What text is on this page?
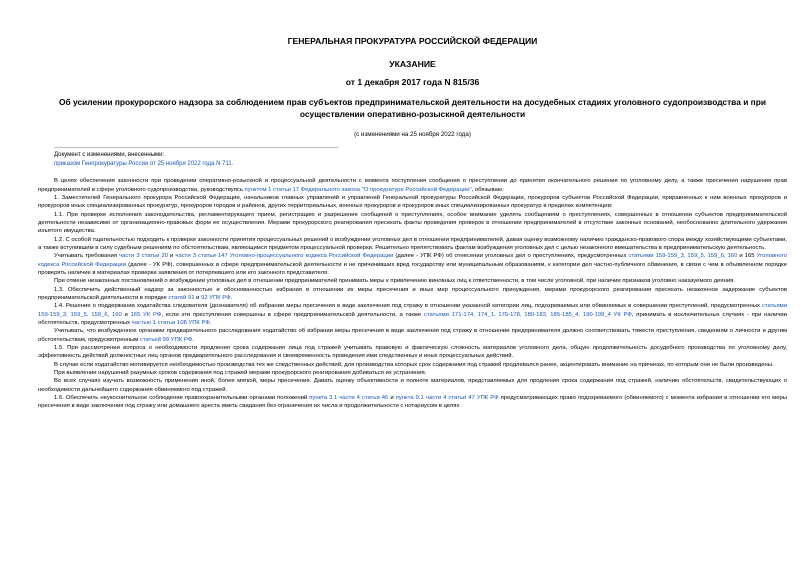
ГЕНЕРАЛЬНАЯ ПРОКУРАТУРА РОССИЙСКОЙ ФЕДЕРАЦИИ
УКАЗАНИЕ
от 1 декабря 2017 года N 815/36
Об усилении прокурорского надзора за соблюдением прав субъектов предпринимательской деятельности на досудебных стадиях уголовного судопроизводства и при осуществлении оперативно-розыскной деятельности
(с изменениями на 25 ноября 2022 года)
Документ с изменениями, внесенными:
приказом Генпрокуратуры России от 25 ноября 2022 года N 711.

В целях обеспечения законности при проведении оперативно-розыскной и процессуальной деятельности с момента поступления сообщения о преступлении до принятия окончательного решения по уголовному делу, а также пресечения нарушения прав предпринимателей в сфере уголовного судопроизводства, руководствуясь пунктом 1 статьи 17 Федерального закона "О прокуратуре Российской Федерации", обязываю:

1. Заместителей Генерального прокурора Российской Федерации, начальников главных управлений и управлений Генеральной прокуратуры Российской Федерации, прокуроров субъектов Российской Федерации, приравненных к ним военных прокуроров и прокуроров иных специализированных прокуратур, прокуроров городов и районов, других территориальных, военных прокуроров и прокуроров иных специализированных прокуратур в пределах компетенции:

1.1. При проверке исполнения законодательства, регламентирующего прием, регистрацию и разрешение сообщений о преступлениях, особое внимание уделять сообщениям о преступлениях, совершенных в отношении субъектов предпринимательской деятельности независимо от организационно-правовых форм ее осуществления. Мерами прокурорского реагирования пресекать факты проведения проверок в отношении предпринимателей в отсутствие законных оснований, необоснованно длительного удержания изъятого имущества.

1.2. С особой тщательностью подходить к проверке законности принятия процессуальных решений о возбуждении уголовных дел в отношении предпринимателей, давая оценку возможному наличию гражданско-правового спора между хозяйствующими субъектами, а также вступившим в силу судебным решениям по обстоятельствам, являющимся предметом процессуальной проверки. Решительно препятствовать фактам возбуждения уголовных дел с целью незаконного вмешательства в предпринимательскую деятельность.

Учитывать требования части 3 статьи 20 и части 3 статьи 147 Уголовно-процессуального кодекса Российской Федерации (далее - УПК РФ) об отнесении уголовных дел о преступлениях, предусмотренных статьями 159-159_3, 159_5, 159_6, 160 и 165 Уголовного кодекса Российской Федерации (далее - УК РФ), совершенных в сфере предпринимательской деятельности и не причинивших вред государству или муниципальным образованиям, к категории дел частно-публичного обвинения, в связи с чем в объявленном порядке проверять наличие в материалах проверки заявления от потерпевшего или его законного представителя.

При отмене незаконных постановлений о возбуждении уголовных дел в отношении предпринимателей принимать меры к привлечению виновных лиц к ответственности, в том числе уголовной, при наличии признаков уголовно наказуемого деяния.

1.3. Обеспечить действенный надзор за законностью и обоснованностью избрания в отношении их меры пресечения и иных мер процессуального принуждения, мерами прокурорского реагирования пресекать незаконное задержание субъектов предпринимательской деятельности в порядке статей 91 и 92 УПК РФ.

1.4. Решение о поддержании ходатайства следователя (дознавателя) об избрании меры пресечения в виде заключения под стражу в отношении указанной категории лиц, подозреваемых или обвиняемых в совершении преступлений, предусмотренных статьями 159-159_3, 159_5, 159_6, 160 и 165 УК РФ, если эти преступления совершены в сфере предпринимательской деятельности, а также статьями 171-174, 174_1, 176-178, 180-183, 185-185_4, 190-199_4 УК РФ, принимать в исключительных случаях - при наличии обстоятельств, предусмотренных частью 1 статьи 108 УПК РФ.

Учитывать, что возбужденное органами предварительного расследования ходатайство об избрании меры пресечения в виде заключения под стражу в отношении предпринимателя должно соответствовать тяжести преступления, сведениям о личности и другим обстоятельствам, предусмотренным статьей 99 УПК РФ.

1.5. При рассмотрении вопроса о необходимости продления срока содержания лица под стражей учитывать правовую и фактическую сложность материалов уголовного дела, общую продолжительность досудебного производства по уголовному делу, эффективность действий должностных лиц органов предварительного расследования и своевременность проведения ими следственных и иных процессуальных действий.

В случае если ходатайство мотивируется необходимостью производства тех же следственных действий, для производства которых срок содержания под стражей продлевался ранее, акцентировать внимание на причинах, по которым они не были произведены.

При выявлении нарушений разумных сроков содержания под стражей мерами прокурорского реагирования добиваться их устранения.

Во всех случаях изучать возможность применения иной, более мягкой, меры пресечения. Давать оценку объективности и полноте материалов, представляемых для продления срока содержания под стражей, наличию обстоятельств, свидетельствующих о необходимости дальнейшего содержания обвиняемого под стражей.

1.6. Обеспечить неукоснительное соблюдение правоохранительными органами положений пункта 3.1 части 4 статьи 46 и пункта 9.1 части 4 статьи 47 УПК РФ предусматривающих право подозреваемого (обвиняемого) с момента избрания в отношении его меры пресечения в виде заключения под стражу или домашнего ареста иметь свидания без ограничения их числа и продолжительности с нотариусом в целях
